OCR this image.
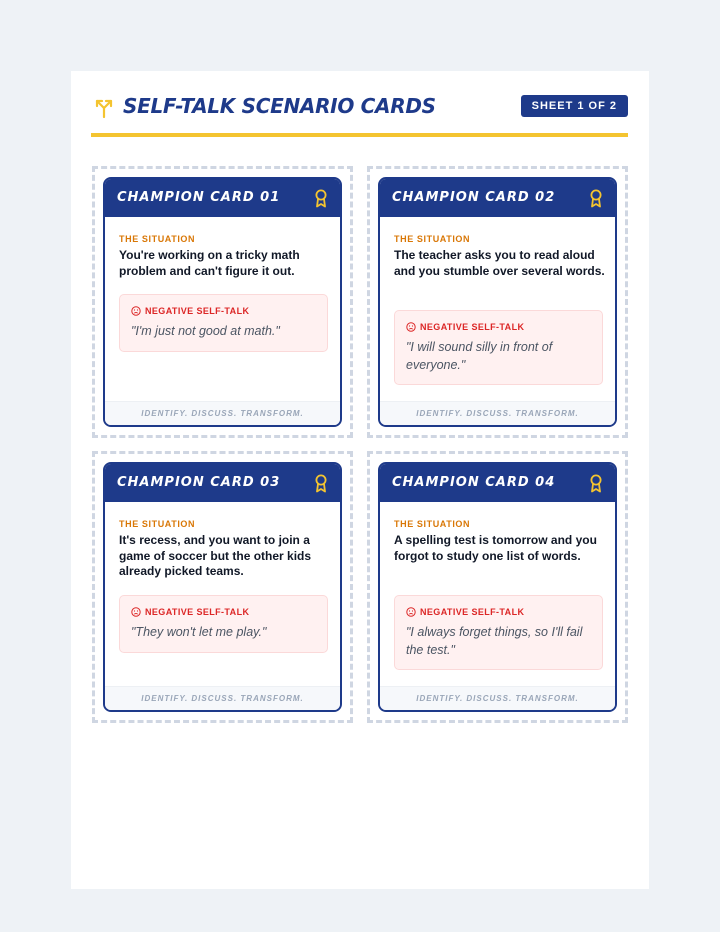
SELF-TALK SCENARIO CARDS	SHEET 1 OF 2
CHAMPION CARD 01
THE SITUATION
You're working on a tricky math problem and can't figure it out.
NEGATIVE SELF-TALK
"I'm just not good at math."
IDENTIFY. DISCUSS. TRANSFORM.
CHAMPION CARD 02
THE SITUATION
The teacher asks you to read aloud and you stumble over several words.
NEGATIVE SELF-TALK
"I will sound silly in front of everyone."
IDENTIFY. DISCUSS. TRANSFORM.
CHAMPION CARD 03
THE SITUATION
It's recess, and you want to join a game of soccer but the other kids already picked teams.
NEGATIVE SELF-TALK
"They won't let me play."
IDENTIFY. DISCUSS. TRANSFORM.
CHAMPION CARD 04
THE SITUATION
A spelling test is tomorrow and you forgot to study one list of words.
NEGATIVE SELF-TALK
"I always forget things, so I'll fail the test."
IDENTIFY. DISCUSS. TRANSFORM.
